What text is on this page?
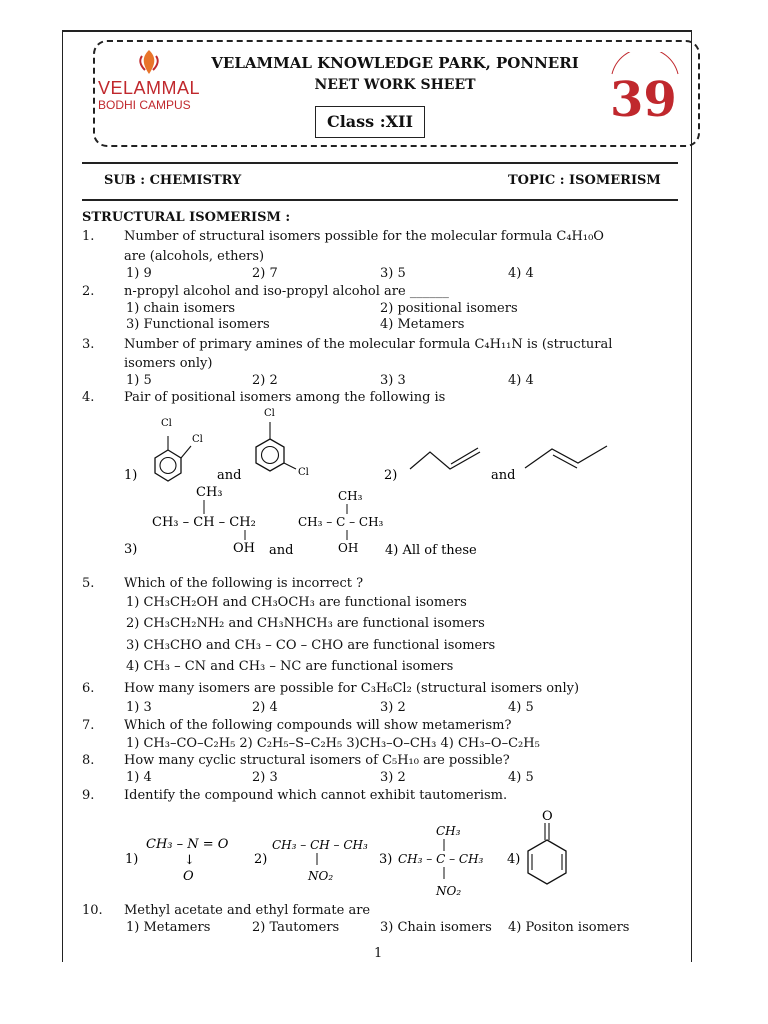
VELAMMAL
BODHI CAMPUS	39
VELAMMAL KNOWLEDGE PARK, PONNERI
NEET WORK SHEET
Class :XII
SUB : CHEMISTRY	TOPIC : ISOMERISM
STRUCTURAL ISOMERISM :
1. Number of structural isomers possible for the molecular formula C₄H₁₀O
are (alcohols, ethers)
1) 9	2) 7	3) 5	4) 4
2. n-propyl alcohol and iso-propyl alcohol are ______
1) chain isomers	2) positional isomers
3) Functional isomers	4) Metamers
3. Number of primary amines of the molecular formula C₄H₁₁N is (structural
isomers only)
1) 5	2) 2	3) 3	4) 4
4. Pair of positional isomers among the following is
1)
Cl
Cl
and
Cl
Cl	2)	and
3)
CH₃
CH₃ – CH – CH₂
OH and
CH₃
CH₃ – C – CH₃
OH 4) All of these
5. Which of the following is incorrect ?
1) CH₃CH₂OH and CH₃OCH₃ are functional isomers
2) CH₃CH₂NH₂ and CH₃NHCH₃ are functional isomers
3) CH₃CHO and CH₃ – CO – CHO are functional isomers
4) CH₃ – CN and CH₃ – NC are functional isomers
6. How many isomers are possible for C₃H₆Cl₂ (structural isomers only)
1) 3	2) 4	3) 2	4) 5
7. Which of the following compounds will show metamerism?
1) CH₃–CO–C₂H₅ 2) C₂H₅–S–C₂H₅ 3)CH₃–O–CH₃ 4) CH₃–O–C₂H₅
8. How many cyclic structural isomers of C₅H₁₀ are possible?
1) 4	2) 3	3) 2	4) 5
9. Identify the compound which cannot exhibit tautomerism.
1)
CH₃ – N = O
↓
O
2)
CH₃ – CH – CH₃
NO₂
3)
CH₃
CH₃ – C – CH₃
NO₂
4)
O
10. Methyl acetate and ethyl formate are
1) Metamers	2) Tautomers	3) Chain isomers 4) Positon isomers
1
